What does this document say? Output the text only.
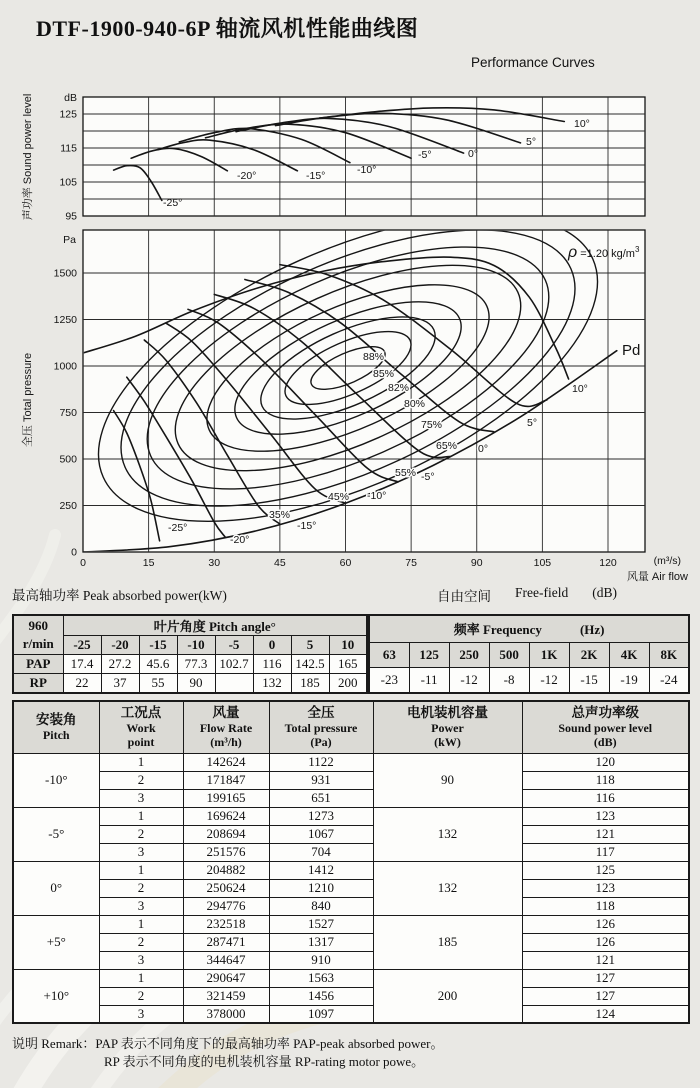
DTF-1900-940-6P 轴流风机性能曲线图
Performance Curves
125
115
105
95
dB
声功率 Sound power level	-25°
-20°	-15°	-10°
-5°	0°
5°
10°
1500
1250
1000
750
500
250
0
Pa
全压 Total pressure
0	15	30	45	60	75	90	105	120	(m³/s)
风量 Air flow
-25°
-20°
-15°
-10°
-5°
0°
5°
10°
88%
85%
82%
80%
75%
65%
55%
45%
35%
ρ =1.20 $kg/m^3$
Pd
最高轴功率 Peak absorbed power(kW)	自由空间 Free-field (dB)
960
r/min	叶片角度 Pitch angle°							
	-25	-20	-15	-10	-5	0	5	10
PAP	17.4	27.2	45.6	77.3	102.7	116	142.5	165
RP	22	37	55	90		132	185	200
频率 Frequency (Hz)							
63	125	250	500	1K	2K	4K	8K
-23	-11	-12	-8	-12	-15	-19	-24
安装角
Pitch

工况点
Work
point

风量
Flow Rate
(m³/h)

全压
Total pressure
(Pa)

电机装机容量
Power
(kW)

总声功率级
Sound power level
(dB)

-10°	1	142624	1122	90	120
	2	171847	931		118
	3	199165	651		116
-5°	1	169624	1273	132	123
	2	208694	1067		121
	3	251576	704		117
0°	1	204882	1412	132	125
	2	250624	1210		123
	3	294776	840		118
+5°	1	232518	1527	185	126
	2	287471	1317		126
	3	344647	910		121
+10°	1	290647	1563	200	127
	2	321459	1456		127
	3	378000	1097		124
说明 Remark：PAP 表示不同角度下的最高轴功率 PAP-peak absorbed power。
RP 表示不同角度的电机装机容量 RP-rating motor powe。
